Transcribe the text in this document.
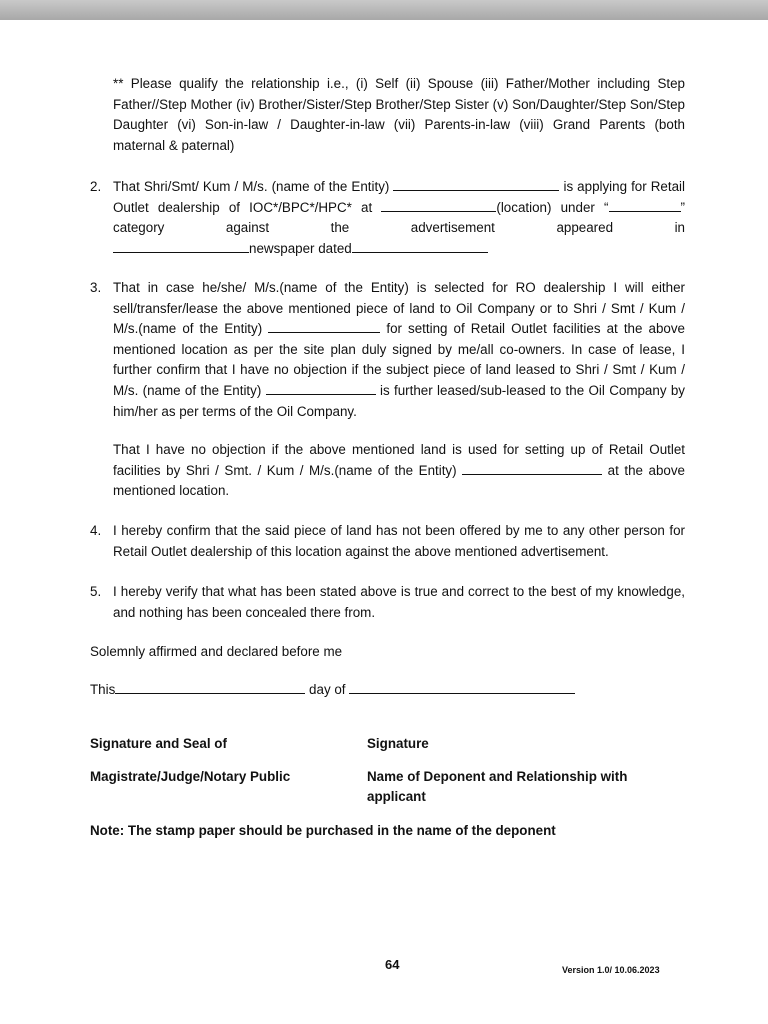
** Please qualify the relationship i.e., (i) Self (ii) Spouse (iii) Father/Mother including Step Father//Step Mother (iv) Brother/Sister/Step Brother/Step Sister (v) Son/Daughter/Step Son/Step Daughter (vi) Son-in-law / Daughter-in-law (vii) Parents-in-law (viii) Grand Parents (both maternal & paternal)
2. That Shri/Smt/ Kum / M/s. (name of the Entity)	is applying for Retail Outlet dealership of IOC*/BPC*/HPC* at	(location) under “	” category against the advertisement appeared in
newspaper dated
3. That in case he/she/ M/s.(name of the Entity) is selected for RO dealership I will either sell/transfer/lease the above mentioned piece of land to Oil Company or to Shri / Smt / Kum / M/s.(name of the Entity)	for setting of Retail Outlet facilities at the above mentioned location as per the site plan duly signed by me/all co-owners. In case of lease, I further confirm that I have no objection if the subject piece of land leased to Shri / Smt / Kum / M/s. (name of the Entity)	is further leased/sub-leased to the Oil Company by him/her as per terms of the Oil Company.
That I have no objection if the above mentioned land is used for setting up of Retail Outlet facilities by Shri / Smt. / Kum / M/s.(name of the Entity)	at the above mentioned location.
4. I hereby confirm that the said piece of land has not been offered by me to any other person for Retail Outlet dealership of this location against the above mentioned advertisement.
5. I hereby verify that what has been stated above is true and correct to the best of my knowledge, and nothing has been concealed there from.
Solemnly affirmed and declared before me
This	day of
Signature and Seal of	Signature
Magistrate/Judge/Notary Public	Name of Deponent and Relationship with
applicant
Note: The stamp paper should be purchased in the name of the deponent
64	Version 1.0/ 10.06.2023
